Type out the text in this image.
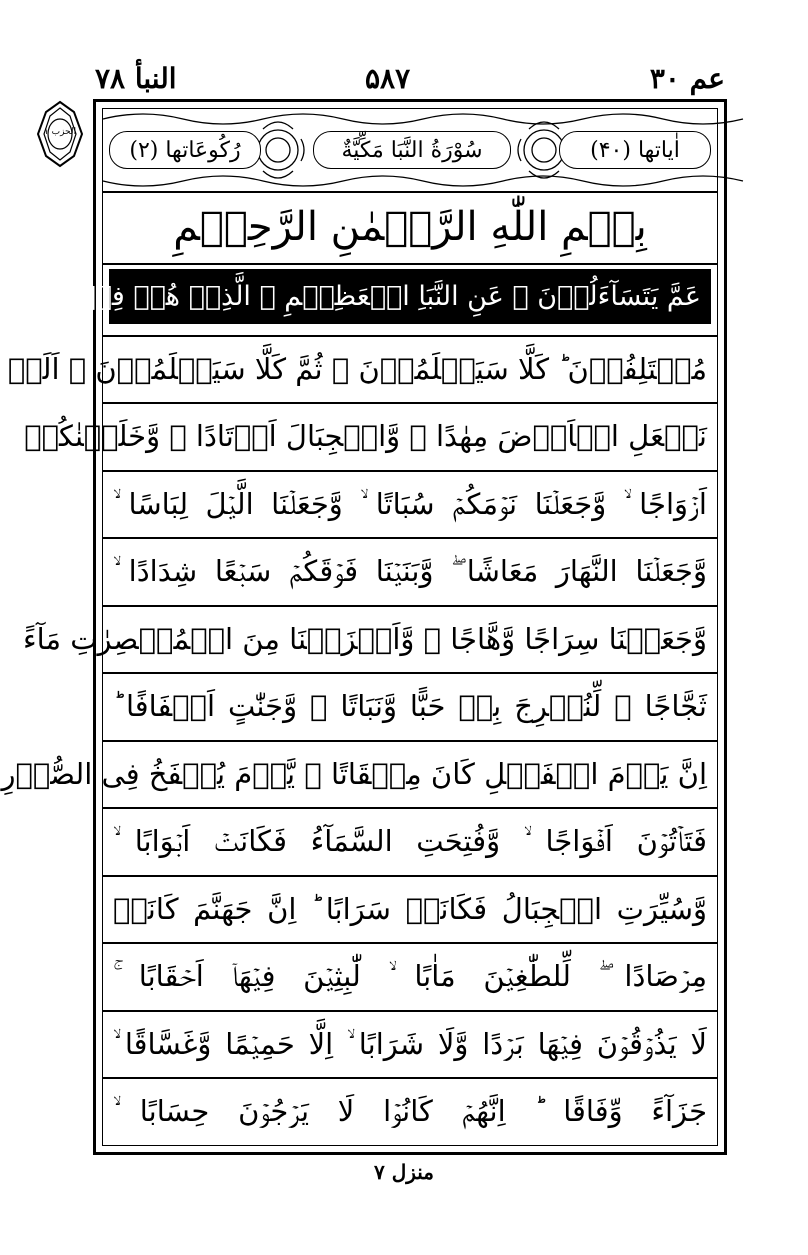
النبأ ۷۸	۵۸۷	عم ۳۰
الحزب ۱
رُکُوعَاتها (۲)	سُوْرَةُ النَّبَا مَكِّيَّةٌ	اٰیاتها (۴۰)
بِسۡمِ اللّٰهِ الرَّحۡمٰنِ الرَّحِيۡمِ
عَمَّ يَتَسَآءَلُوۡنَ ۚ عَنِ النَّبَاِ الۡعَظِيۡمِ ۙ الَّذِىۡ هُمۡ فِيۡهِ
مُخۡتَلِفُوۡنَ ؕ كَلَّا سَيَعۡلَمُوۡنَ ۙ ثُمَّ كَلَّا سَيَعۡلَمُوۡنَ ۞ اَلَمۡ
نَجۡعَلِ الۡاَرۡضَ مِهٰدًا ۙ وَّالۡجِبَالَ اَوۡتَادًا ۞ وَّخَلَقۡنٰكُمۡ
اَزۡوَاجًا ۙ وَّجَعَلۡنَا نَوۡمَكُمۡ سُبَاتًا ۙ وَّجَعَلۡنَا الَّيۡلَ لِبَاسًا ۙ
وَّجَعَلۡنَا النَّهَارَ مَعَاشًا ۖ وَّبَنَيۡنَا فَوۡقَكُمۡ سَبۡعًا شِدَادًا ۙ
وَّجَعَلۡنَا سِرَاجًا وَّهَّاجًا ۖ وَّاَنۡزَلۡنَا مِنَ الۡمُعۡصِرٰتِ مَآءً
ثَجَّاجًا ۙ لِّنُخۡرِجَ بِهٖ حَبًّا وَّنَبَاتًا ۙ وَّجَنّٰتٍ اَلۡفَافًا ؕ
اِنَّ يَوۡمَ الۡفَصۡلِ كَانَ مِيۡقَاتًا ۙ يَّوۡمَ يُنۡفَخُ فِى الصُّوۡرِ
فَتَاۡتُوۡنَ اَفۡوَاجًا ۙ وَّفُتِحَتِ السَّمَآءُ فَكَانَتۡ اَبۡوَابًا ۙ
وَّسُيِّرَتِ الۡجِبَالُ فَكَانَتۡ سَرَابًا ؕ اِنَّ جَهَنَّمَ كَانَتۡ
مِرۡصَادًا ۖ لِّلطّٰغِيۡنَ مَاٰبًا ۙ لّٰبِثِيۡنَ فِيۡهَاۤ اَحۡقَابًا ۚ
لَا يَذُوۡقُوۡنَ فِيۡهَا بَرۡدًا وَّلَا شَرَابًا ۙ اِلَّا حَمِيۡمًا وَّغَسَّاقًا ۙ
جَزَآءً وِّفَاقًا ؕ اِنَّهُمۡ كَانُوۡا لَا يَرۡجُوۡنَ حِسَابًا ۙ
منزل ۷
